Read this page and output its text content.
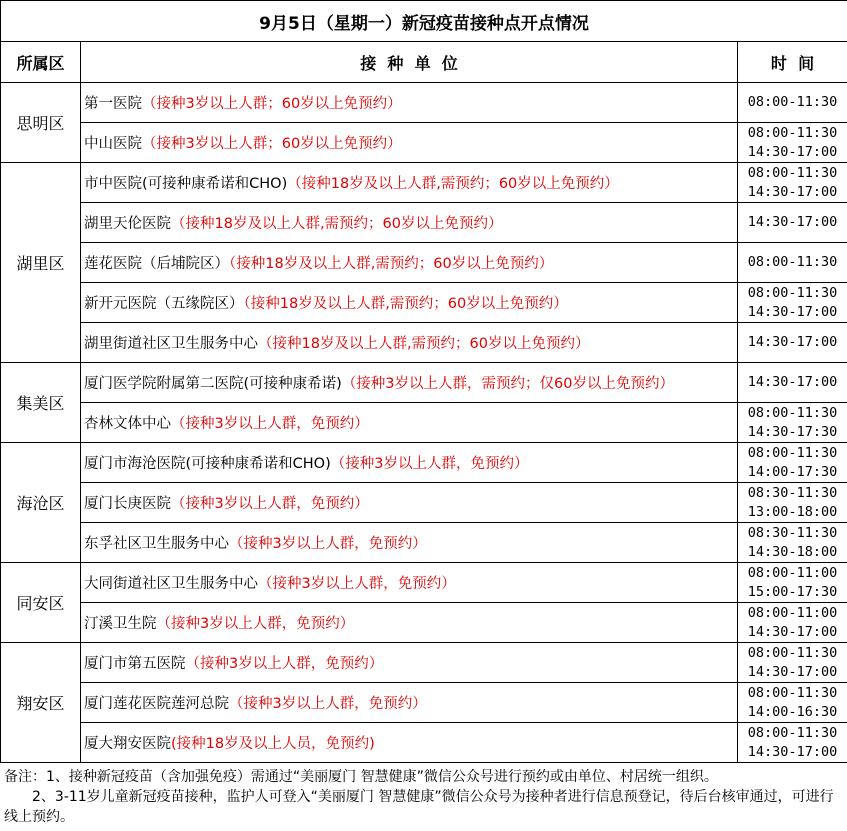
9月5日（星期一）新冠疫苗接种点开点情况		
所属区	接  种  单  位	时  间
思明区	第一医院（接种3岁以上人群；60岁以上免预约）	08:00-11:30

	中山医院（接种3岁以上人群；60岁以上免预约）	08:00-11:30
14:30-17:00

湖里区	市中医院(可接种康希诺和CHO)（接种18岁及以上人群,需预约；60岁以上免预约）	08:00-11:30
14:30-17:00

	湖里天伦医院（接种18岁及以上人群,需预约；60岁以上免预约）	14:30-17:00

	莲花医院（后埔院区）（接种18岁及以上人群,需预约；60岁以上免预约）	08:00-11:30

	新开元医院（五缘院区）（接种18岁及以上人群,需预约；60岁以上免预约）	08:00-11:30
14:30-17:00

	湖里街道社区卫生服务中心（接种18岁及以上人群,需预约；60岁以上免预约）	14:30-17:00

集美区	厦门医学院附属第二医院(可接种康希诺)（接种3岁以上人群，需预约；仅60岁以上免预约）	14:30-17:00

	杏林文体中心（接种3岁以上人群，免预约）	08:00-11:30
14:30-17:30

海沧区	厦门市海沧医院(可接种康希诺和CHO)（接种3岁以上人群，免预约）	08:00-11:30
14:00-17:30

	厦门长庚医院（接种3岁以上人群，免预约）	08:30-11:30
13:00-18:00

	东孚社区卫生服务中心（接种3岁以上人群，免预约）	08:30-11:30
14:30-18:00

同安区	大同街道社区卫生服务中心（接种3岁以上人群，免预约）	08:00-11:00
15:00-17:30

	汀溪卫生院（接种3岁以上人群，免预约）	08:00-11:00
14:30-17:00

翔安区	厦门市第五医院（接种3岁以上人群，免预约）	08:00-11:30
14:30-17:00

	厦门莲花医院莲河总院（接种3岁以上人群，免预约）	08:00-11:30
14:00-16:30

	厦大翔安医院(接种18岁及以上人员，免预约)	08:00-11:30
14:30-17:00
备注：1、接种新冠疫苗（含加强免疫）需通过“美丽厦门 智慧健康”微信公众号进行预约或由单位、村居统一组织。
　　2、3-11岁儿童新冠疫苗接种，监护人可登入“美丽厦门 智慧健康”微信公众号为接种者进行信息预登记，待后台核审通过，可进行线上预约。
